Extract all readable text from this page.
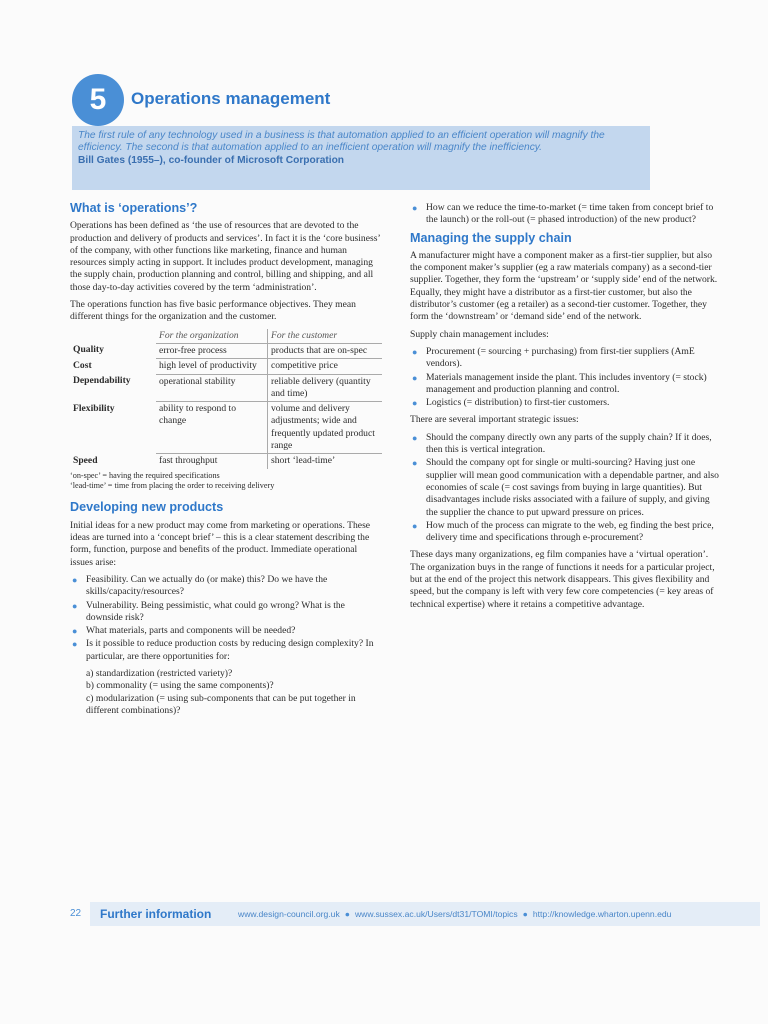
5	Operations management
The first rule of any technology used in a business is that automation applied to an efficient operation will magnify the efficiency. The second is that automation applied to an inefficient operation will magnify the inefficiency.
Bill Gates (1955–), co-founder of Microsoft Corporation
What is ‘operations’?

Operations has been defined as ‘the use of resources that are devoted to the production and delivery of products and services’. In fact it is the ‘core business’ of the company, with other functions like marketing, finance and human resources simply acting in support. It includes product development, managing the supply chain, production planning and control, billing and shipping, and all those day-to-day activities covered by the term ‘administration’.

The operations function has five basic performance objectives. They mean different things for the organization and the customer.

	For the organization	For the customer
Quality	error-free process	products that are on-spec
Cost	high level of productivity	competitive price
Dependability	operational stability	reliable delivery (quantity and time)
Flexibility	ability to respond to change	volume and delivery adjustments; wide and frequently updated product range
Speed	fast throughput	short ‘lead-time’
‘on-spec’ = having the required specifications
‘lead-time’ = time from placing the order to receiving delivery
Developing new products

Initial ideas for a new product may come from marketing or operations. These ideas are turned into a ‘concept brief’ – this is a clear statement describing the form, function, purpose and benefits of the product. Immediate operational issues arise:

● Feasibility. Can we actually do (or make) this? Do we have the skills/capacity/resources?
● Vulnerability. Being pessimistic, what could go wrong? What is the downside risk?
● What materials, parts and components will be needed?
● Is it possible to reduce production costs by reducing design complexity? In particular, are there opportunities for:
a) standardization (restricted variety)?
b) commonality (= using the same components)?
c) modularization (= using sub-components that can be put together in different combinations)?
● How can we reduce the time-to-market (= time taken from concept brief to the launch) or the roll-out (= phased introduction) of the new product?
Managing the supply chain

A manufacturer might have a component maker as a first-tier supplier, but also the component maker’s supplier (eg a raw materials company) as a second-tier supplier. Together, they form the ‘upstream’ or ‘supply side’ end of the network. Equally, they might have a distributor as a first-tier customer, but also the distributor’s customer (eg a retailer) as a second-tier customer. Together, they form the ‘downstream’ or ‘demand side’ end of the network.

Supply chain management includes:

● Procurement (= sourcing + purchasing) from first-tier suppliers (AmE vendors).
● Materials management inside the plant. This includes inventory (= stock) management and production planning and control.
● Logistics (= distribution) to first-tier customers.

There are several important strategic issues:

● Should the company directly own any parts of the supply chain? If it does, then this is vertical integration.
● Should the company opt for single or multi-sourcing? Having just one supplier will mean good communication with a dependable partner, and also economies of scale (= cost savings from buying in large quantities). But disadvantages include risks associated with a failure of supply, and giving the supplier the chance to put upward pressure on prices.
● How much of the process can migrate to the web, eg finding the best price, delivery time and specifications through e-procurement?

These days many organizations, eg film companies have a ‘virtual operation’. The organization buys in the range of functions it needs for a particular project, but at the end of the project this network disappears. This gives flexibility and speed, but the company is left with very few core competencies (= key areas of technical expertise) where it retains a competitive advantage.

22 Further information	www.design-council.org.uk ● www.sussex.ac.uk/Users/dt31/TOMI/topics ● http://knowledge.wharton.upenn.edu
